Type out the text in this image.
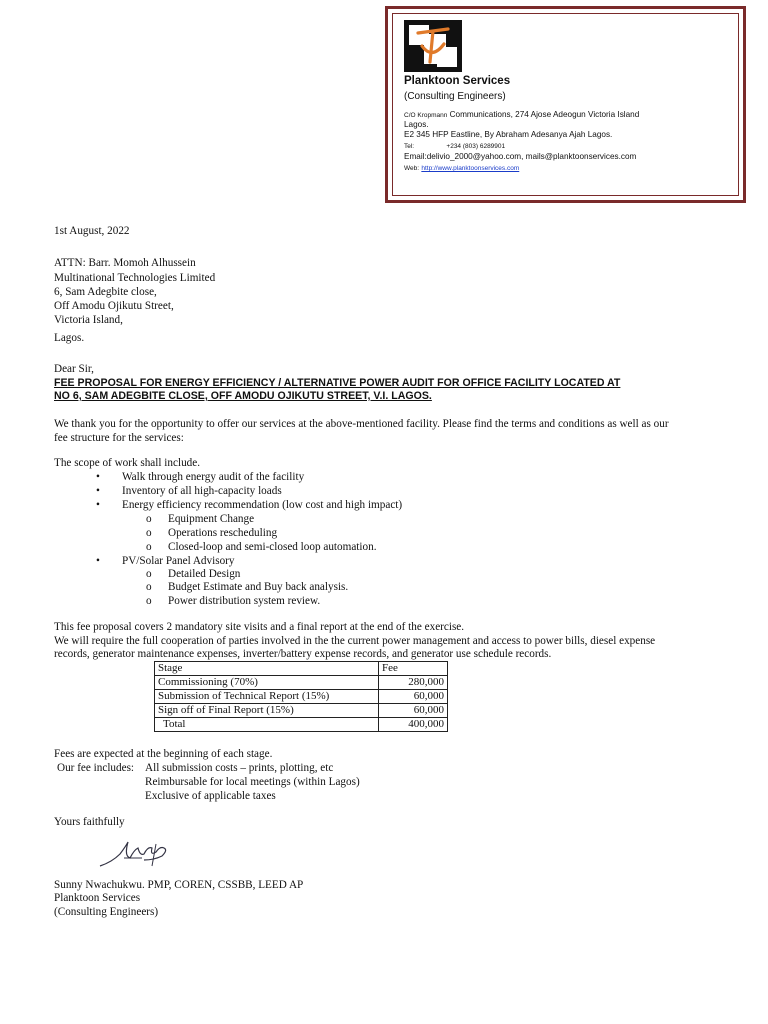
Planktoon Services
(Consulting Engineers)
C/O Kropmann Communications, 274 Ajose Adeogun Victoria Island
Lagos.
E2 345 HFP Eastline, By Abraham Adesanya Ajah Lagos.
Tel:	+234 (803) 6289901
Email:delivio_2000@yahoo.com, mails@planktoonservices.com
Web: http://www.planktoonservices.com
1st August, 2022
ATTN: Barr. Momoh Alhussein
Multinational Technologies Limited
6, Sam Adegbite close,
Off Amodu Ojikutu Street,
Victoria Island,
Lagos.
Dear Sir,
FEE PROPOSAL FOR ENERGY EFFICIENCY / ALTERNATIVE POWER AUDIT FOR OFFICE FACILITY LOCATED AT
NO 6, SAM ADEGBITE CLOSE, OFF AMODU OJIKUTU STREET, V.I. LAGOS.
We thank you for the opportunity to offer our services at the above-mentioned facility. Please find the terms and conditions as well as our
fee structure for the services:
The scope of work shall include.
• Walk through energy audit of the facility
• Inventory of all high-capacity loads
• Energy efficiency recommendation (low cost and high impact)
o Equipment Change
o Operations rescheduling
o Closed-loop and semi-closed loop automation.
• PV/Solar Panel Advisory
o Detailed Design
o Budget Estimate and Buy back analysis.
o Power distribution system review.
This fee proposal covers 2 mandatory site visits and a final report at the end of the exercise.
We will require the full cooperation of parties involved in the the current power management and access to power bills, diesel expense
records, generator maintenance expenses, inverter/battery expense records, and generator use schedule records.
Stage	Fee
Commissioning (70%)	280,000
Submission of Technical Report (15%)	60,000
Sign off of Final Report (15%)	60,000
Total	400,000
Fees are expected at the beginning of each stage.
Our fee includes: All submission costs – prints, plotting, etc
Reimbursable for local meetings (within Lagos)
Exclusive of applicable taxes
Yours faithfully
Sunny Nwachukwu. PMP, COREN, CSSBB, LEED AP
Planktoon Services
(Consulting Engineers)
